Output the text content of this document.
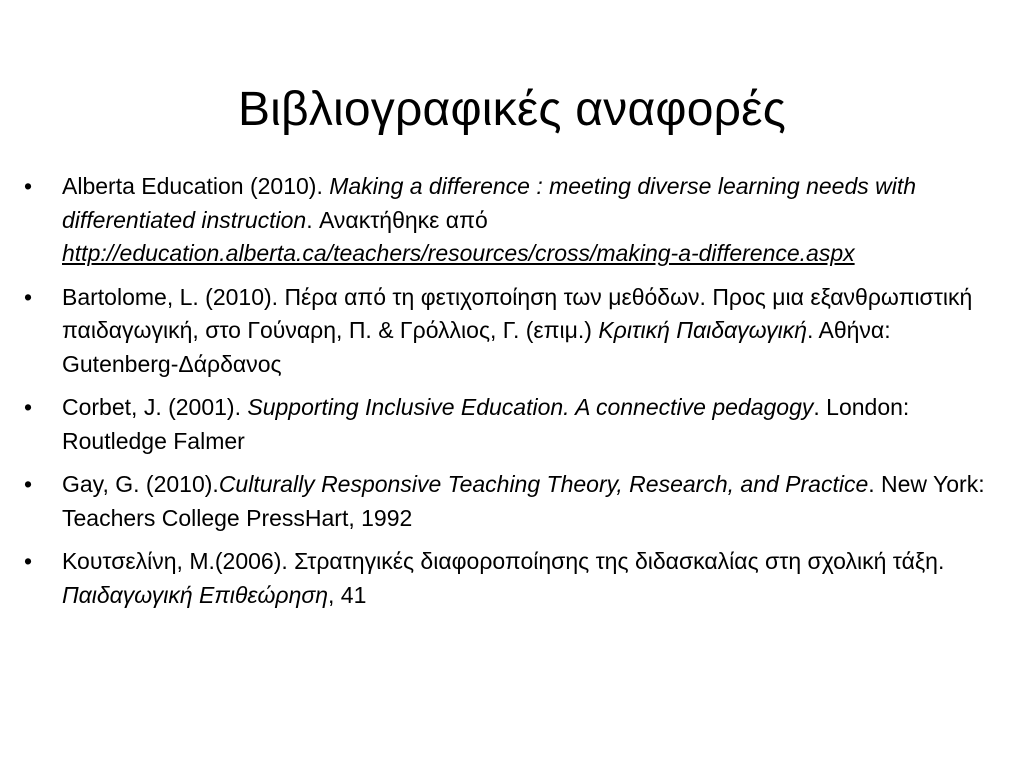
Βιβλιογραφικές αναφορές
• Alberta Education (2010). Making a difference : meeting diverse learning needs with differentiated instruction. Ανακτήθηκε από http://education.alberta.ca/teachers/resources/cross/making-a-difference.aspx
• Bartolome, L. (2010). Πέρα από τη φετιχοποίηση των μεθόδων. Προς μια εξανθρωπιστική παιδαγωγική, στο Γούναρη, Π. & Γρόλλιος, Γ. (επιμ.) Κριτική Παιδαγωγική. Αθήνα: Gutenberg-Δάρδανος
• Corbet, J. (2001). Supporting Inclusive Education. A connective pedagogy. London: Routledge Falmer
• Gay, G. (2010).Culturally Responsive Teaching Theory, Research, and Practice. New York: Teachers College PressHart, 1992
• Κουτσελίνη, Μ.(2006). Στρατηγικές διαφοροποίησης της διδασκαλίας στη σχολική τάξη. Παιδαγωγική Επιθεώρηση, 41
